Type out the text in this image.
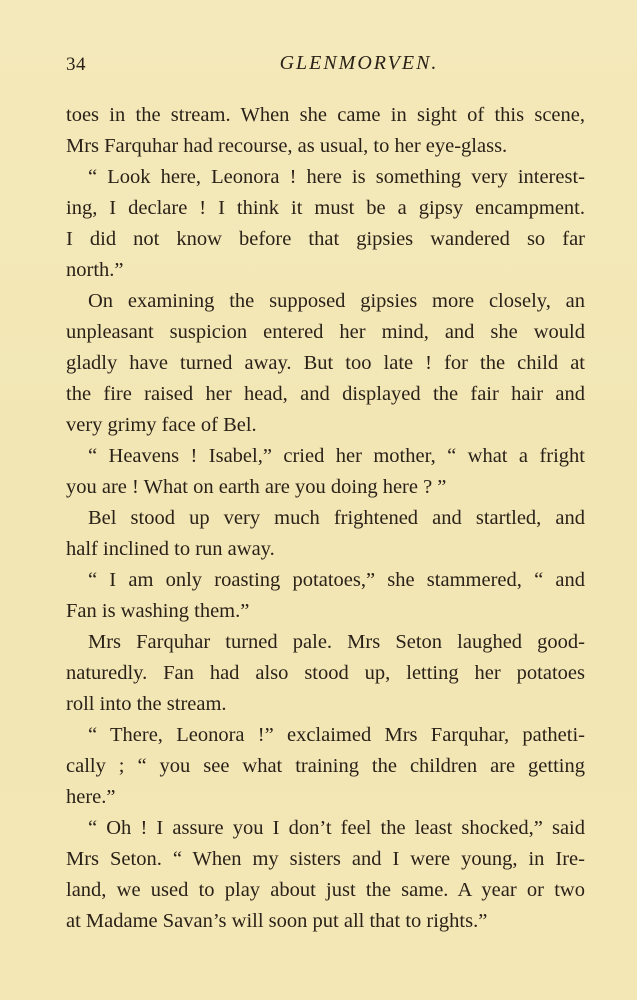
34	GLENMORVEN.
toes in the stream. When she came in sight of this scene,
Mrs Farquhar had recourse, as usual, to her eye-glass.
“ Look here, Leonora ! here is something very interest-
ing, I declare ! I think it must be a gipsy encampment.
I did not know before that gipsies wandered so far
north.”
On examining the supposed gipsies more closely, an
unpleasant suspicion entered her mind, and she would
gladly have turned away. But too late ! for the child at
the fire raised her head, and displayed the fair hair and
very grimy face of Bel.
“ Heavens ! Isabel,” cried her mother, “ what a fright
you are ! What on earth are you doing here ? ”
Bel stood up very much frightened and startled, and
half inclined to run away.
“ I am only roasting potatoes,” she stammered, “ and
Fan is washing them.”
Mrs Farquhar turned pale. Mrs Seton laughed good-
naturedly. Fan had also stood up, letting her potatoes
roll into the stream.
“ There, Leonora !” exclaimed Mrs Farquhar, patheti-
cally ; “ you see what training the children are getting
here.”
“ Oh ! I assure you I don’t feel the least shocked,” said
Mrs Seton. “ When my sisters and I were young, in Ire-
land, we used to play about just the same. A year or two
at Madame Savan’s will soon put all that to rights.”
